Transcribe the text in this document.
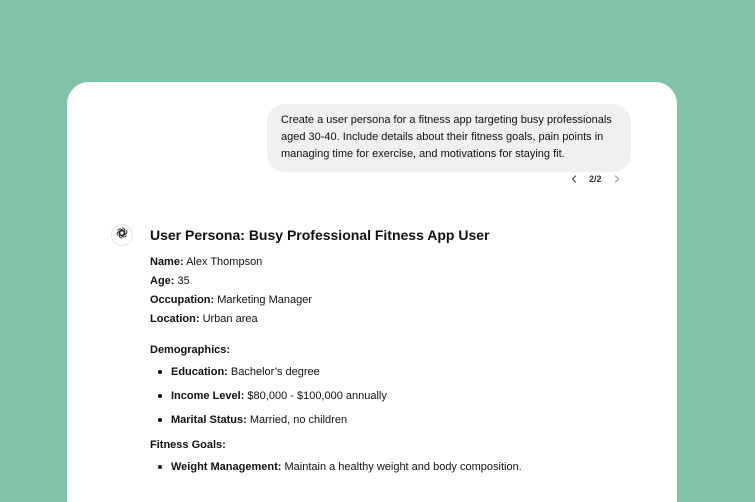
Create a user persona for a fitness app targeting busy professionals aged 30-40. Include details about their fitness goals, pain points in managing time for exercise, and motivations for staying fit.
2/2
User Persona: Busy Professional Fitness App User
Name: Alex Thompson
Age: 35
Occupation: Marketing Manager
Location: Urban area
Demographics:
Education: Bachelor’s degree
Income Level: $80,000 - $100,000 annually
Marital Status: Married, no children
Fitness Goals:
Weight Management: Maintain a healthy weight and body composition.
